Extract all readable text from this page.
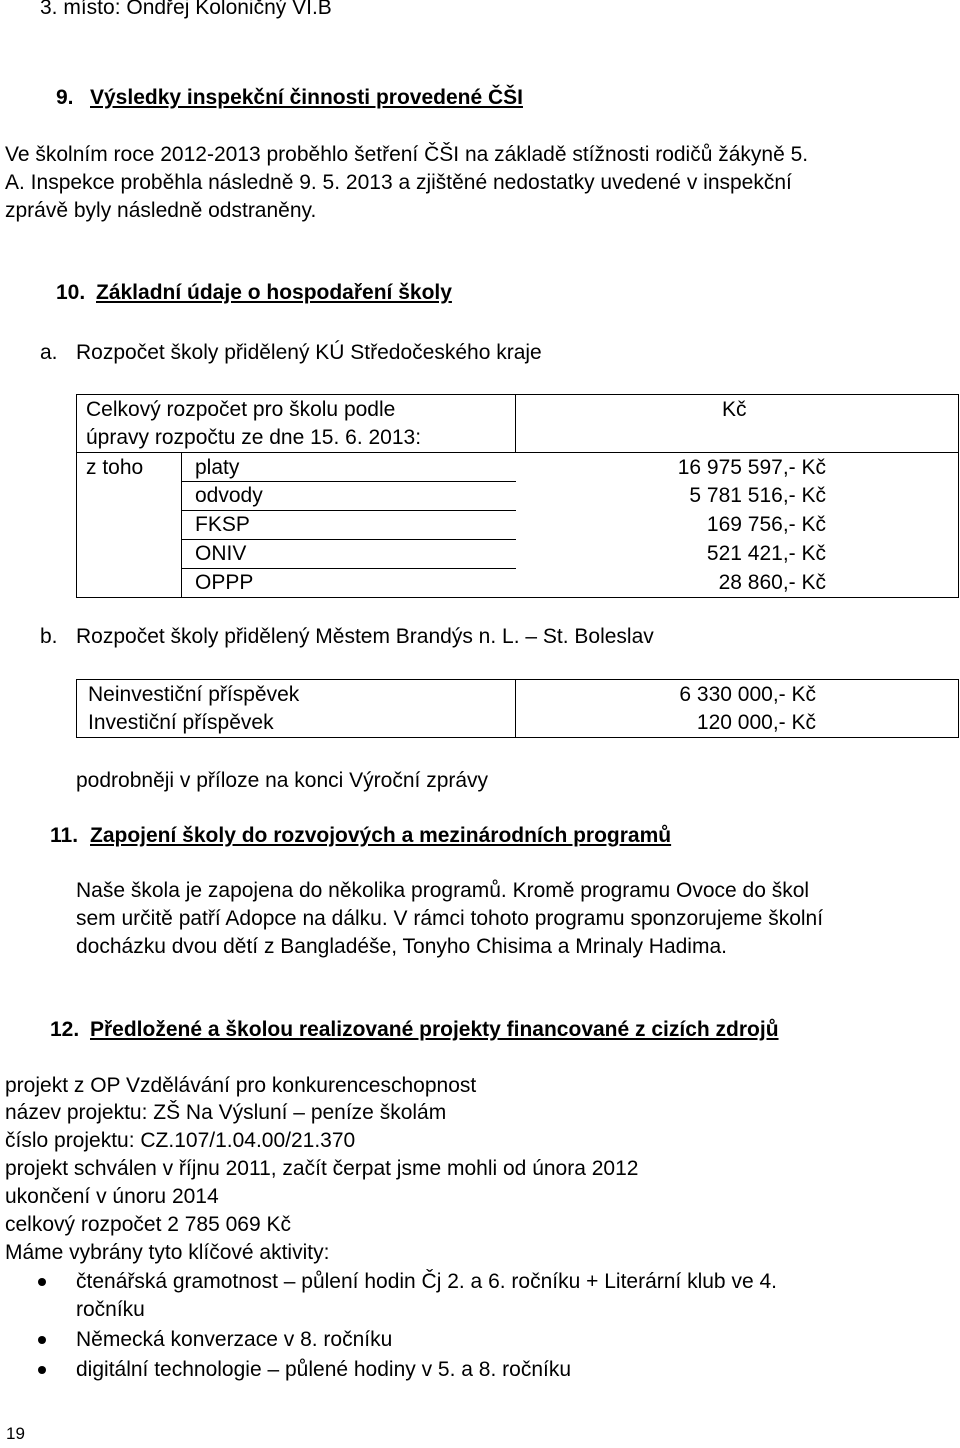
3. místo: Ondřej Koloničný VI.B
9. Výsledky inspekční činnosti provedené ČŠI
Ve školním roce 2012-2013 proběhlo šetření ČŠI na základě stížnosti rodičů žákyně 5.
A. Inspekce proběhla následně 9. 5. 2013 a zjištěné nedostatky uvedené v inspekční
zprávě byly následně odstraněny.
10. Základní údaje o hospodaření školy
a. Rozpočet školy přidělený KÚ Středočeského kraje
Celkový rozpočet pro školu podle
úpravy rozpočtu ze dne 15. 6. 2013:
Kč
z toho platy	16 975 597,- Kč
odvody	5 781 516,- Kč
FKSP	169 756,- Kč
ONIV	521 421,- Kč
OPPP	28 860,- Kč
b. Rozpočet školy přidělený Městem Brandýs n. L. – St. Boleslav
Neinvestiční příspěvek	6 330 000,- Kč
Investiční příspěvek	120 000,- Kč
podrobněji v příloze na konci Výroční zprávy
11. Zapojení školy do rozvojových a mezinárodních programů
Naše škola je zapojena do několika programů. Kromě programu Ovoce do škol
sem určitě patří Adopce na dálku. V rámci tohoto programu sponzorujeme školní
docházku dvou dětí z Bangladéše, Tonyho Chisima a Mrinaly Hadima.
12. Předložené a školou realizované projekty financované z cizích zdrojů
projekt z OP Vzdělávání pro konkurenceschopnost
název projektu: ZŠ Na Výsluní – peníze školám
číslo projektu: CZ.107/1.04.00/21.370
projekt schválen v říjnu 2011, začít čerpat jsme mohli od února 2012
ukončení v únoru 2014
celkový rozpočet 2 785 069 Kč
Máme vybrány tyto klíčové aktivity:
čtenářská gramotnost – půlení hodin Čj 2. a 6. ročníku + Literární klub ve 4.
ročníku
Německá konverzace v 8. ročníku
digitální technologie – půlené hodiny v 5. a 8. ročníku
19
